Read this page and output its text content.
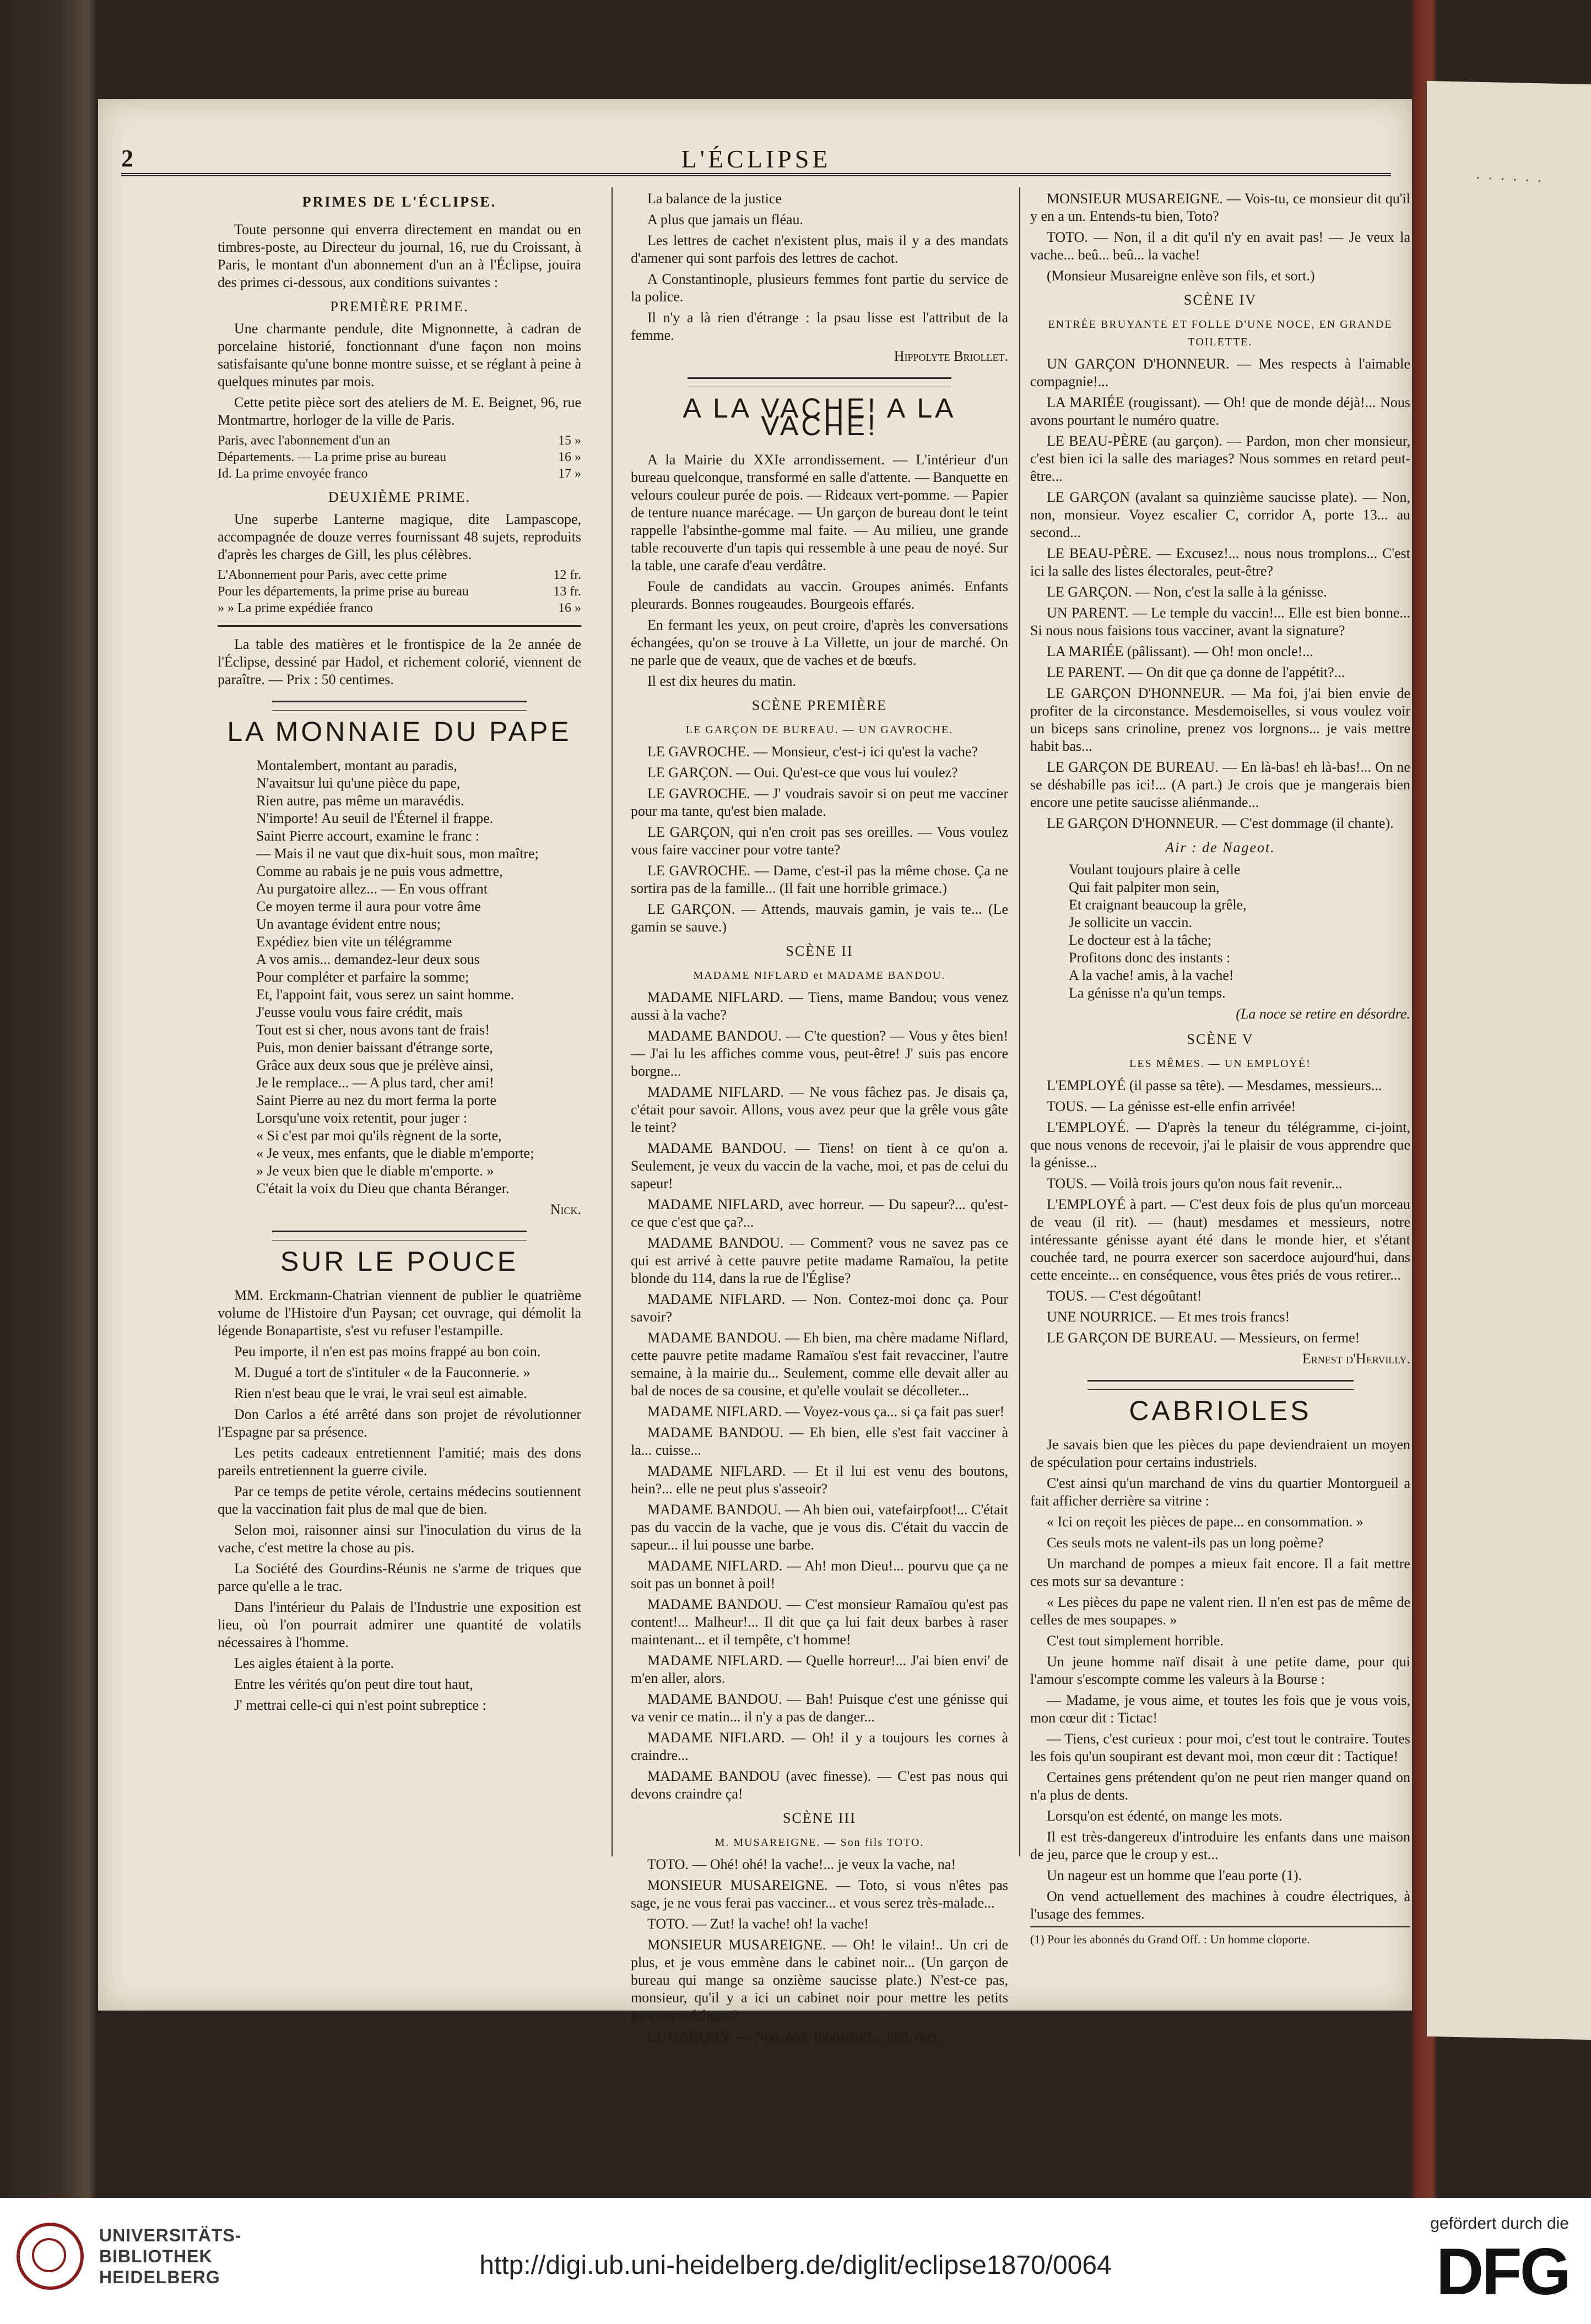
2	L'ÉCLIPSE
PRIMES DE L'ÉCLIPSE.

Toute personne qui enverra directement en mandat ou en timbres-poste, au Directeur du journal, 16, rue du Croissant, à Paris, le montant d'un abonnement d'un an à l'Éclipse, jouira des primes ci-dessous, aux conditions suivantes :

PREMIÈRE PRIME.

Une charmante pendule, dite Mignonnette, à cadran de porcelaine historié, fonctionnant d'une façon non moins satisfaisante qu'une bonne montre suisse, et se réglant à peine à quelques minutes par mois.

Cette petite pièce sort des ateliers de M. E. Beignet, 96, rue Montmartre, horloger de la ville de Paris.

Paris, avec l'abonnement d'un an	15 »
Départements. — La prime prise au bureau	16 »
Id. La prime envoyée franco	17 »
DEUXIÈME PRIME.

Une superbe Lanterne magique, dite Lampascope, accompagnée de douze verres fournissant 48 sujets, reproduits d'après les charges de Gill, les plus célèbres.

L'Abonnement pour Paris, avec cette prime	12 fr.
Pour les départements, la prime prise au bureau	13 fr.
» » La prime expédiée franco	16 »

La table des matières et le frontispice de la 2e année de l'Éclipse, dessiné par Hadol, et richement colorié, viennent de paraître. — Prix : 50 centimes.

LA MONNAIE DU PAPE

Montalembert, montant au paradis,

N'avaitsur lui qu'une pièce du pape,

Rien autre, pas même un maravédis.

N'importe! Au seuil de l'Éternel il frappe.

Saint Pierre accourt, examine le franc :

— Mais il ne vaut que dix-huit sous, mon maître;

Comme au rabais je ne puis vous admettre,

Au purgatoire allez... — En vous offrant

Ce moyen terme il aura pour votre âme

Un avantage évident entre nous;

Expédiez bien vite un télégramme

A vos amis... demandez-leur deux sous

Pour compléter et parfaire la somme;

Et, l'appoint fait, vous serez un saint homme.

J'eusse voulu vous faire crédit, mais

Tout est si cher, nous avons tant de frais!

Puis, mon denier baissant d'étrange sorte,

Grâce aux deux sous que je prélève ainsi,

Je le remplace... — A plus tard, cher ami!

Saint Pierre au nez du mort ferma la porte

Lorsqu'une voix retentit, pour juger :

« Si c'est par moi qu'ils règnent de la sorte,

« Je veux, mes enfants, que le diable m'emporte;

» Je veux bien que le diable m'emporte. »

C'était la voix du Dieu que chanta Béranger.

Nick.
SUR LE POUCE

MM. Erckmann-Chatrian viennent de publier le quatrième volume de l'Histoire d'un Paysan; cet ouvrage, qui démolit la légende Bonapartiste, s'est vu refuser l'estampille.

Peu importe, il n'en est pas moins frappé au bon coin.

M. Dugué a tort de s'intituler « de la Fauconnerie. »

Rien n'est beau que le vrai, le vrai seul est aimable.

Don Carlos a été arrêté dans son projet de révolutionner l'Espagne par sa présence.

Les petits cadeaux entretiennent l'amitié; mais des dons pareils entretiennent la guerre civile.

Par ce temps de petite vérole, certains médecins soutiennent que la vaccination fait plus de mal que de bien.

Selon moi, raisonner ainsi sur l'inoculation du virus de la vache, c'est mettre la chose au pis.

La Société des Gourdins-Réunis ne s'arme de triques que parce qu'elle a le trac.

Dans l'intérieur du Palais de l'Industrie une exposition est lieu, où l'on pourrait admirer une quantité de volatils nécessaires à l'homme.

Les aigles étaient à la porte.

Entre les vérités qu'on peut dire tout haut,

J' mettrai celle-ci qui n'est point subreptice :

La balance de la justice

A plus que jamais un fléau.

Les lettres de cachet n'existent plus, mais il y a des mandats d'amener qui sont parfois des lettres de cachot.

A Constantinople, plusieurs femmes font partie du service de la police.

Il n'y a là rien d'étrange : la psau lisse est l'attribut de la femme.

Hippolyte Briollet.
A LA VACHE! A LA VACHE!

A la Mairie du XXIe arrondissement. — L'intérieur d'un bureau quelconque, transformé en salle d'attente. — Banquette en velours couleur purée de pois. — Rideaux vert-pomme. — Papier de tenture nuance marécage. — Un garçon de bureau dont le teint rappelle l'absinthe-gomme mal faite. — Au milieu, une grande table recouverte d'un tapis qui ressemble à une peau de noyé. Sur la table, une carafe d'eau verdâtre.

Foule de candidats au vaccin. Groupes animés. Enfants pleurards. Bonnes rougeaudes. Bourgeois effarés.

En fermant les yeux, on peut croire, d'après les conversations échangées, qu'on se trouve à La Villette, un jour de marché. On ne parle que de veaux, que de vaches et de bœufs.

Il est dix heures du matin.

SCÈNE PREMIÈRE
LE GARÇON DE BUREAU. — UN GAVROCHE.

LE GAVROCHE. — Monsieur, c'est-i ici qu'est la vache?

LE GARÇON. — Oui. Qu'est-ce que vous lui voulez?

LE GAVROCHE. — J' voudrais savoir si on peut me vacciner pour ma tante, qu'est bien malade.

LE GARÇON, qui n'en croit pas ses oreilles. — Vous voulez vous faire vacciner pour votre tante?

LE GAVROCHE. — Dame, c'est-il pas la même chose. Ça ne sortira pas de la famille... (Il fait une horrible grimace.)

LE GARÇON. — Attends, mauvais gamin, je vais te... (Le gamin se sauve.)

SCÈNE II
MADAME NIFLARD et MADAME BANDOU.

MADAME NIFLARD. — Tiens, mame Bandou; vous venez aussi à la vache?

MADAME BANDOU. — C'te question? — Vous y êtes bien! — J'ai lu les affiches comme vous, peut-être! J' suis pas encore borgne...

MADAME NIFLARD. — Ne vous fâchez pas. Je disais ça, c'était pour savoir. Allons, vous avez peur que la grêle vous gâte le teint?

MADAME BANDOU. — Tiens! on tient à ce qu'on a. Seulement, je veux du vaccin de la vache, moi, et pas de celui du sapeur!

MADAME NIFLARD, avec horreur. — Du sapeur?... qu'est-ce que c'est que ça?...

MADAME BANDOU. — Comment? vous ne savez pas ce qui est arrivé à cette pauvre petite madame Ramaïou, la petite blonde du 114, dans la rue de l'Église?

MADAME NIFLARD. — Non. Contez-moi donc ça. Pour savoir?

MADAME BANDOU. — Eh bien, ma chère madame Niflard, cette pauvre petite madame Ramaïou s'est fait revacciner, l'autre semaine, à la mairie du... Seulement, comme elle devait aller au bal de noces de sa cousine, et qu'elle voulait se décolleter...

MADAME NIFLARD. — Voyez-vous ça... si ça fait pas suer!

MADAME BANDOU. — Eh bien, elle s'est fait vacciner à la... cuisse...

MADAME NIFLARD. — Et il lui est venu des boutons, hein?... elle ne peut plus s'asseoir?

MADAME BANDOU. — Ah bien oui, vatefairpfoot!... C'était pas du vaccin de la vache, que je vous dis. C'était du vaccin de sapeur... il lui pousse une barbe.

MADAME NIFLARD. — Ah! mon Dieu!... pourvu que ça ne soit pas un bonnet à poil!

MADAME BANDOU. — C'est monsieur Ramaïou qu'est pas content!... Malheur!... Il dit que ça lui fait deux barbes à raser maintenant... et il tempête, c't homme!

MADAME NIFLARD. — Quelle horreur!... J'ai bien envi' de m'en aller, alors.

MADAME BANDOU. — Bah! Puisque c'est une génisse qui va venir ce matin... il n'y a pas de danger...

MADAME NIFLARD. — Oh! il y a toujours les cornes à craindre...

MADAME BANDOU (avec finesse). — C'est pas nous qui devons craindre ça!

SCÈNE III
M. MUSAREIGNE. — Son fils TOTO.

TOTO. — Ohé! ohé! la vache!... je veux la vache, na!

MONSIEUR MUSAREIGNE. — Toto, si vous n'êtes pas sage, je ne vous ferai pas vacciner... et vous serez très-malade...

TOTO. — Zut! la vache! oh! la vache!

MONSIEUR MUSAREIGNE. — Oh! le vilain!.. Un cri de plus, et je vous emmène dans le cabinet noir... (Un garçon de bureau qui mange sa onzième saucisse plate.) N'est-ce pas, monsieur, qu'il y a ici un cabinet noir pour mettre les petits garçons méchants?

LE GARÇON. — Non, non, monsieur!... non, non.

MONSIEUR MUSAREIGNE. — Vois-tu, ce monsieur dit qu'il y en a un. Entends-tu bien, Toto?

TOTO. — Non, il a dit qu'il n'y en avait pas! — Je veux la vache... beû... beû... la vache!

(Monsieur Musareigne enlève son fils, et sort.)

SCÈNE IV
ENTRÉE BRUYANTE ET FOLLE D'UNE NOCE, EN GRANDE TOILETTE.

UN GARÇON D'HONNEUR. — Mes respects à l'aimable compagnie!...

LA MARIÉE (rougissant). — Oh! que de monde déjà!... Nous avons pourtant le numéro quatre.

LE BEAU-PÈRE (au garçon). — Pardon, mon cher monsieur, c'est bien ici la salle des mariages? Nous sommes en retard peut-être...

LE GARÇON (avalant sa quinzième saucisse plate). — Non, non, monsieur. Voyez escalier C, corridor A, porte 13... au second...

LE BEAU-PÈRE. — Excusez!... nous nous tromplons... C'est ici la salle des listes électorales, peut-être?

LE GARÇON. — Non, c'est la salle à la génisse.

UN PARENT. — Le temple du vaccin!... Elle est bien bonne... Si nous nous faisions tous vacciner, avant la signature?

LA MARIÉE (pâlissant). — Oh! mon oncle!...

LE PARENT. — On dit que ça donne de l'appétit?...

LE GARÇON D'HONNEUR. — Ma foi, j'ai bien envie de profiter de la circonstance. Mesdemoiselles, si vous voulez voir un biceps sans crinoline, prenez vos lorgnons... je vais mettre habit bas...

LE GARÇON DE BUREAU. — En là-bas! eh là-bas!... On ne se déshabille pas ici!... (A part.) Je crois que je mangerais bien encore une petite saucisse aliénmande...

LE GARÇON D'HONNEUR. — C'est dommage (il chante).

Air : de Nageot.

Voulant toujours plaire à celle

Qui fait palpiter mon sein,

Et craignant beaucoup la grêle,

Je sollicite un vaccin.

Le docteur est à la tâche;

Profitons donc des instants :

A la vache! amis, à la vache!

La génisse n'a qu'un temps.

(La noce se retire en désordre.
SCÈNE V
LES MÊMES. — UN EMPLOYÉ!

L'EMPLOYÉ (il passe sa tête). — Mesdames, messieurs...

TOUS. — La génisse est-elle enfin arrivée!

L'EMPLOYÉ. — D'après la teneur du télégramme, ci-joint, que nous venons de recevoir, j'ai le plaisir de vous apprendre que la génisse...

TOUS. — Voilà trois jours qu'on nous fait revenir...

L'EMPLOYÉ à part. — C'est deux fois de plus qu'un morceau de veau (il rit). — (haut) mesdames et messieurs, notre intéressante génisse ayant été dans le monde hier, et s'étant couchée tard, ne pourra exercer son sacerdoce aujourd'hui, dans cette enceinte... en conséquence, vous êtes priés de vous retirer...

TOUS. — C'est dégoûtant!

UNE NOURRICE. — Et mes trois francs!

LE GARÇON DE BUREAU. — Messieurs, on ferme!

Ernest d'Hervilly.
CABRIOLES

Je savais bien que les pièces du pape deviendraient un moyen de spéculation pour certains industriels.

C'est ainsi qu'un marchand de vins du quartier Montorgueil a fait afficher derrière sa vitrine :

« Ici on reçoit les pièces de pape... en consommation. »

Ces seuls mots ne valent-ils pas un long poème?

Un marchand de pompes a mieux fait encore. Il a fait mettre ces mots sur sa devanture :

« Les pièces du pape ne valent rien. Il n'en est pas de même de celles de mes soupapes. »

C'est tout simplement horrible.

Un jeune homme naïf disait à une petite dame, pour qui l'amour s'escompte comme les valeurs à la Bourse :

— Madame, je vous aime, et toutes les fois que je vous vois, mon cœur dit : Tictac!

— Tiens, c'est curieux : pour moi, c'est tout le contraire. Toutes les fois qu'un soupirant est devant moi, mon cœur dit : Tactique!

Certaines gens prétendent qu'on ne peut rien manger quand on n'a plus de dents.

Lorsqu'on est édenté, on mange les mots.

Il est très-dangereux d'introduire les enfants dans une maison de jeu, parce que le croup y est...

Un nageur est un homme que l'eau porte (1).

On vend actuellement des machines à coudre électriques, à l'usage des femmes.

(1) Pour les abonnés du Grand Off. : Un homme cloporte.
· · · · · ·
UNIVERSITÄTS-
BIBLIOTHEK
HEIDELBERG	http://digi.ub.uni-heidelberg.de/diglit/eclipse1870/0064
gefördert durch die
DFG
